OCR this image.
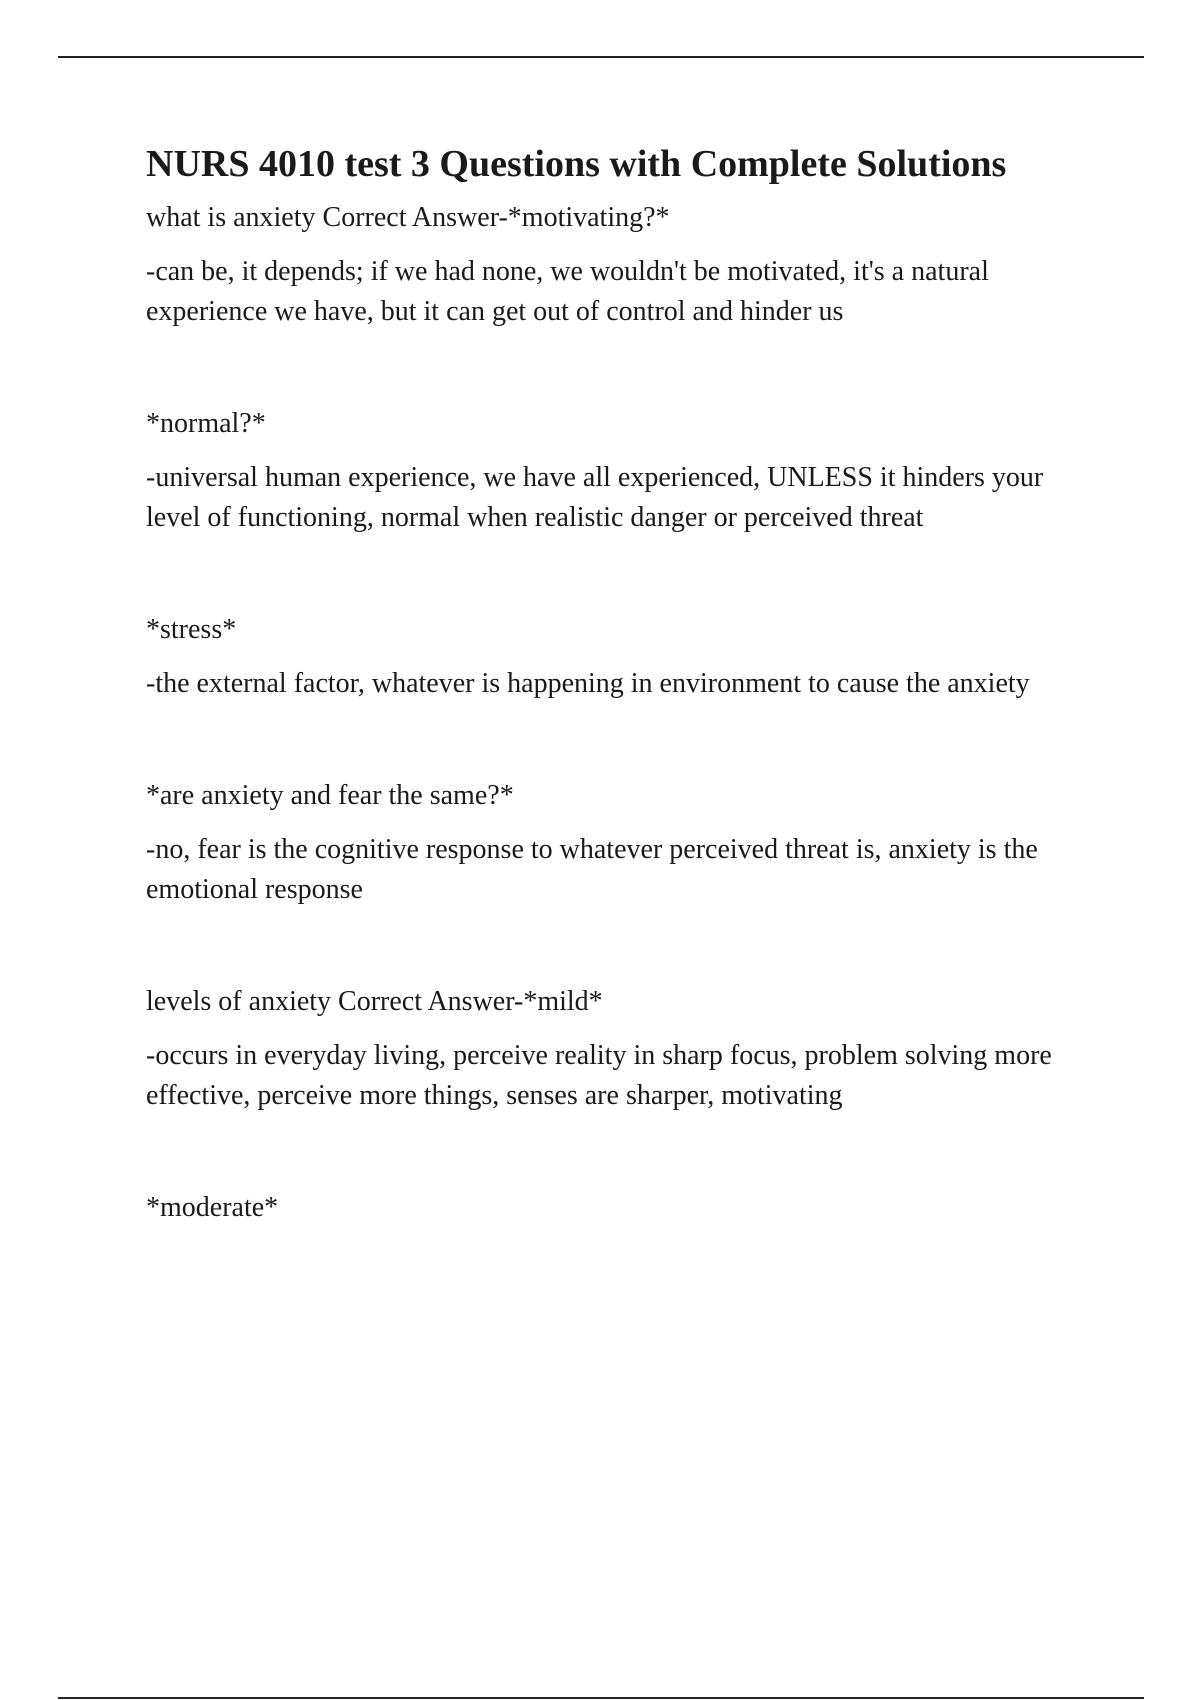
NURS 4010 test 3 Questions with Complete Solutions

what is anxiety Correct Answer-*motivating?*

-can be, it depends; if we had none, we wouldn't be motivated, it's a natural experience we have, but it can get out of control and hinder us

*normal?*

-universal human experience, we have all experienced, UNLESS it hinders your level of functioning, normal when realistic danger or perceived threat

*stress*

-the external factor, whatever is happening in environment to cause the anxiety

*are anxiety and fear the same?*

-no, fear is the cognitive response to whatever perceived threat is, anxiety is the emotional response

levels of anxiety Correct Answer-*mild*

-occurs in everyday living, perceive reality in sharp focus, problem solving more effective, perceive more things, senses are sharper, motivating

*moderate*
